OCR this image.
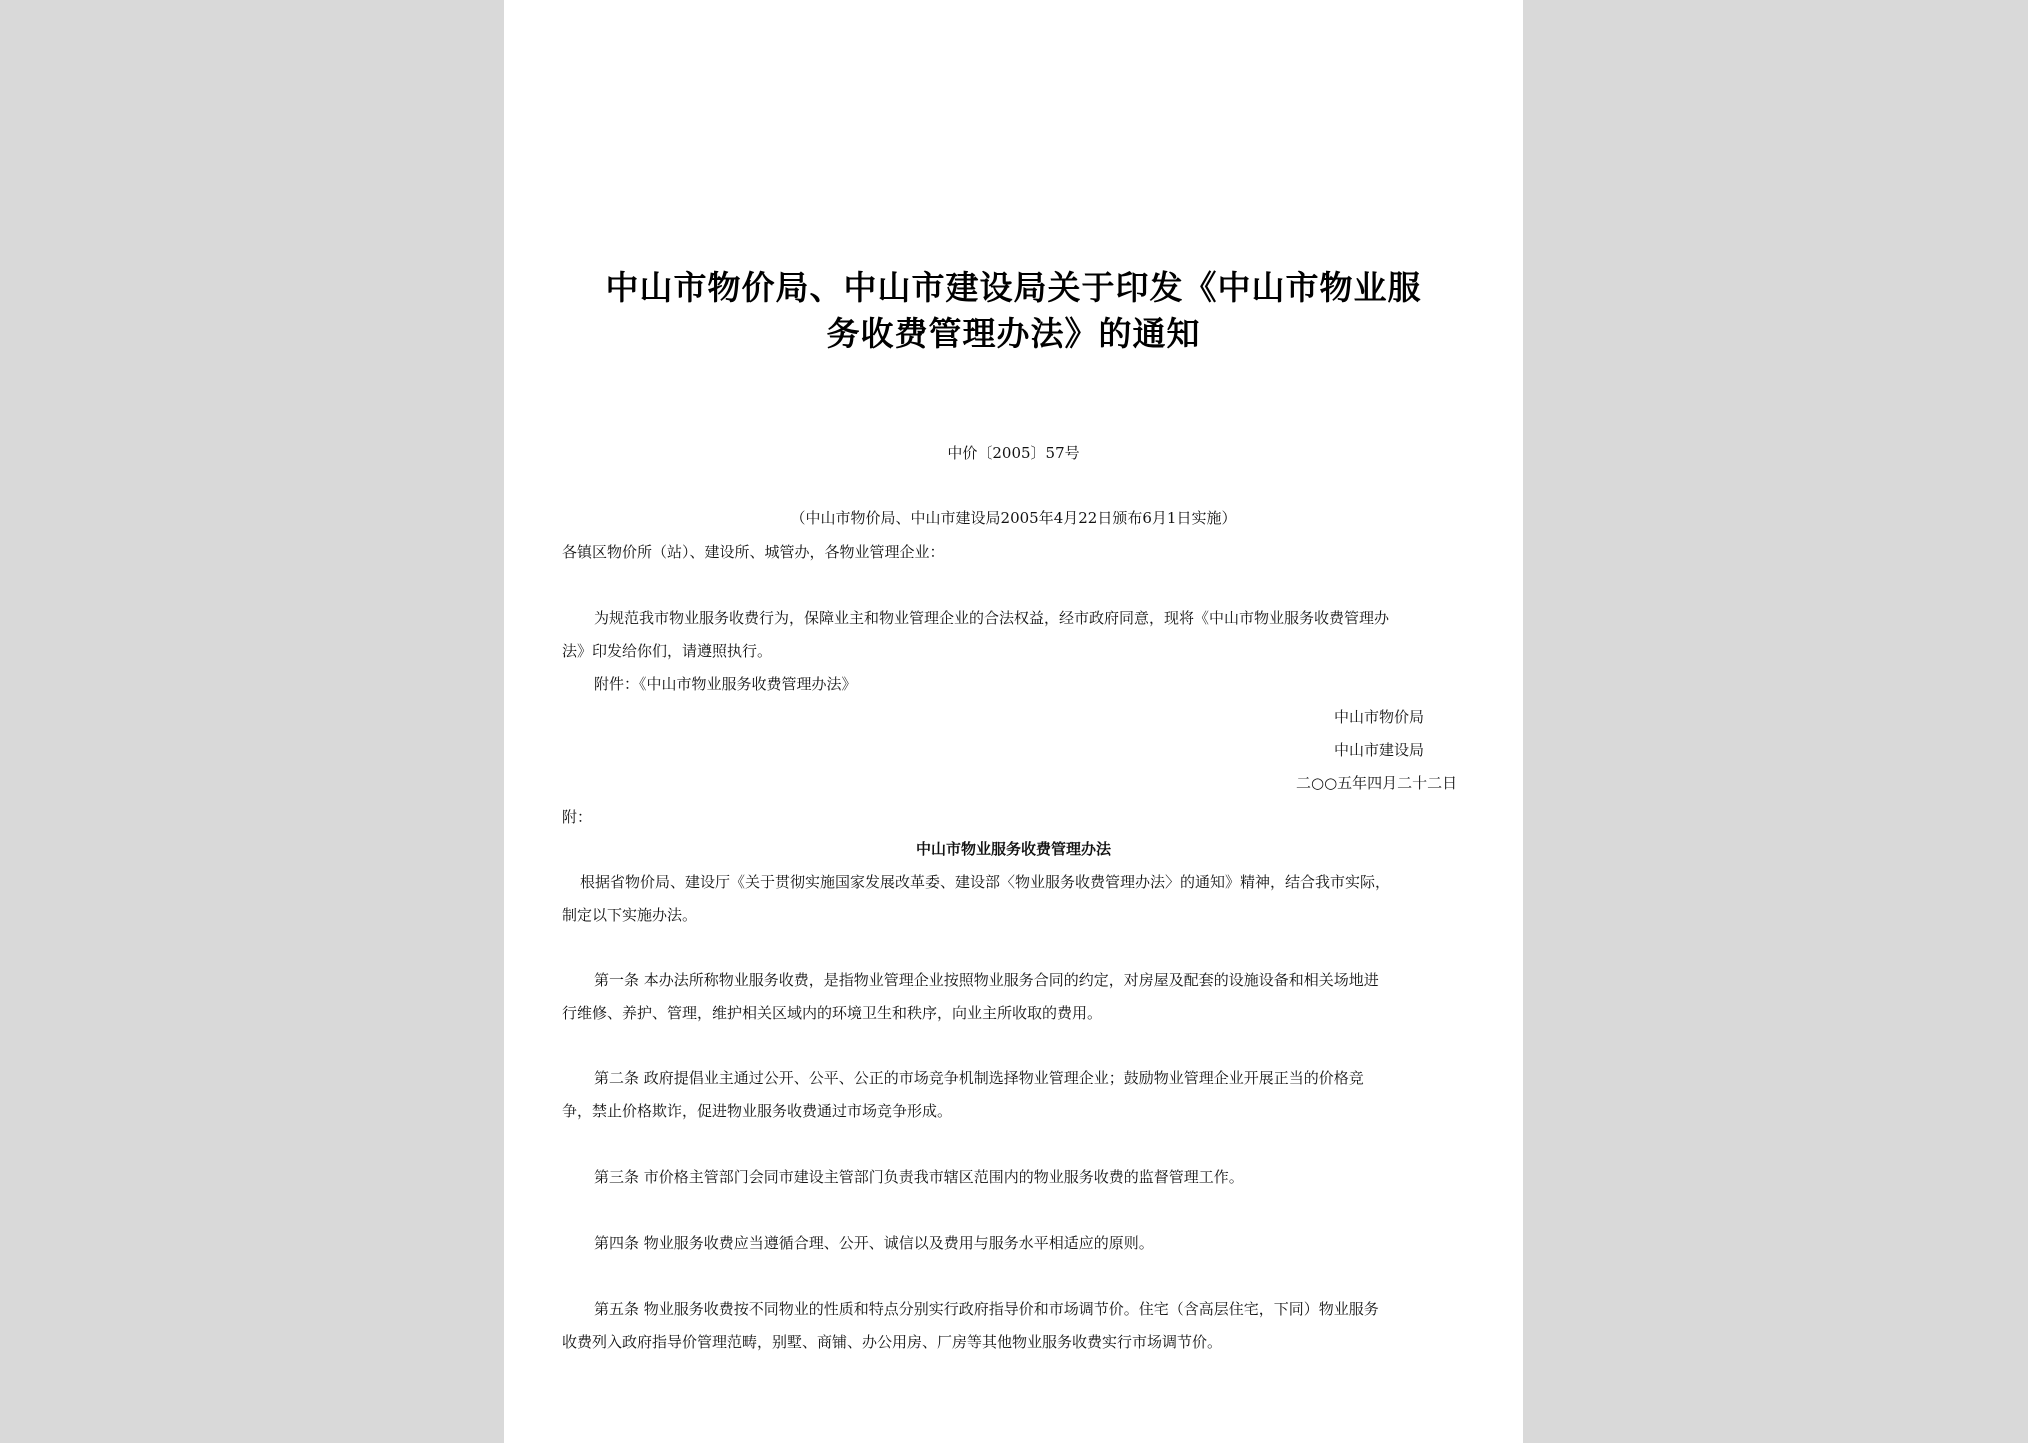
中山市物价局、中山市建设局关于印发《中山市物业服
务收费管理办法》的通知
中价〔2005〕57号
（中山市物价局、中山市建设局2005年4月22日颁布6月1日实施）
各镇区物价所（站）、建设所、城管办，各物业管理企业：
为规范我市物业服务收费行为，保障业主和物业管理企业的合法权益，经市政府同意，现将《中山市物业服务收费管理办
法》印发给你们，请遵照执行。
附件：《中山市物业服务收费管理办法》
中山市物价局
中山市建设局
二○○五年四月二十二日
附：
中山市物业服务收费管理办法
根据省物价局、建设厅《关于贯彻实施国家发展改革委、建设部〈物业服务收费管理办法〉的通知》精神，结合我市实际，
制定以下实施办法。
第一条 本办法所称物业服务收费，是指物业管理企业按照物业服务合同的约定，对房屋及配套的设施设备和相关场地进
行维修、养护、管理，维护相关区域内的环境卫生和秩序，向业主所收取的费用。
第二条 政府提倡业主通过公开、公平、公正的市场竞争机制选择物业管理企业；鼓励物业管理企业开展正当的价格竞
争，禁止价格欺诈，促进物业服务收费通过市场竞争形成。
第三条 市价格主管部门会同市建设主管部门负责我市辖区范围内的物业服务收费的监督管理工作。
第四条 物业服务收费应当遵循合理、公开、诚信以及费用与服务水平相适应的原则。
第五条 物业服务收费按不同物业的性质和特点分别实行政府指导价和市场调节价。住宅（含高层住宅，下同）物业服务
收费列入政府指导价管理范畴，别墅、商铺、办公用房、厂房等其他物业服务收费实行市场调节价。
